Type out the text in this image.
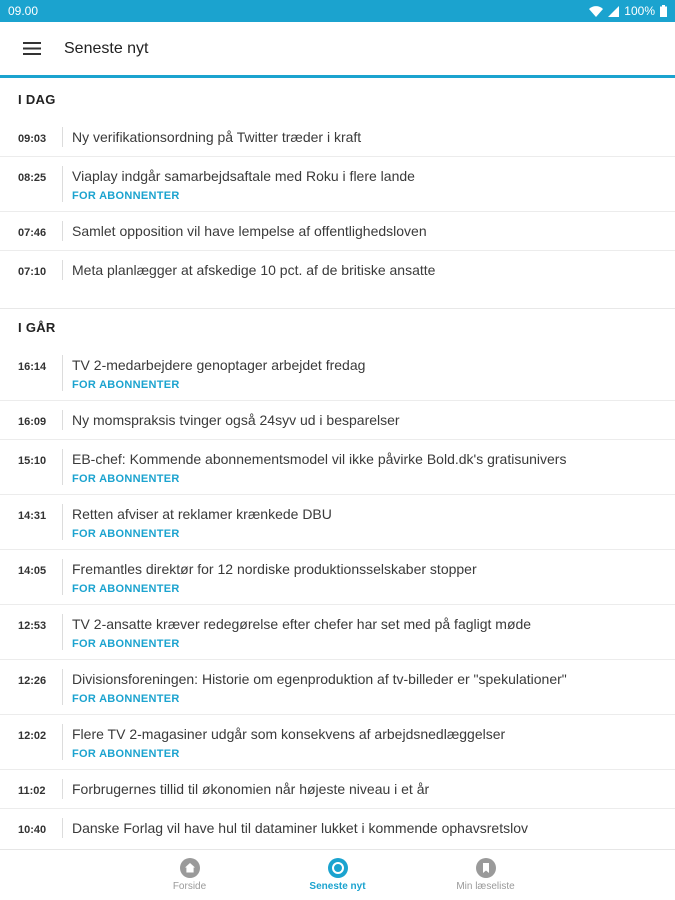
09.00	100%
Seneste nyt
I DAG
09:03	Ny verifikationsordning på Twitter træder i kraft
08:25	Viaplay indgår samarbejdsaftale med Roku i flere lande
FOR ABONNENTER
07:46	Samlet opposition vil have lempelse af offentlighedsloven
07:10	Meta planlægger at afskedige 10 pct. af de britiske ansatte
I GÅR
16:14	TV 2-medarbejdere genoptager arbejdet fredag
FOR ABONNENTER
16:09	Ny momspraksis tvinger også 24syv ud i besparelser
15:10	EB-chef: Kommende abonnementsmodel vil ikke påvirke Bold.dk's gratisunivers
FOR ABONNENTER
14:31	Retten afviser at reklamer krænkede DBU
FOR ABONNENTER
14:05	Fremantles direktør for 12 nordiske produktionsselskaber stopper
FOR ABONNENTER
12:53	TV 2-ansatte kræver redegørelse efter chefer har set med på fagligt møde
FOR ABONNENTER
12:26	Divisionsforeningen: Historie om egenproduktion af tv-billeder er "spekulationer"
FOR ABONNENTER
12:02	Flere TV 2-magasiner udgår som konsekvens af arbejdsnedlæggelser
FOR ABONNENTER
11:02	Forbrugernes tillid til økonomien når højeste niveau i et år
10:40	Danske Forlag vil have hul til dataminer lukket i kommende ophavsretslov
Forside	Seneste nyt	Min læseliste
